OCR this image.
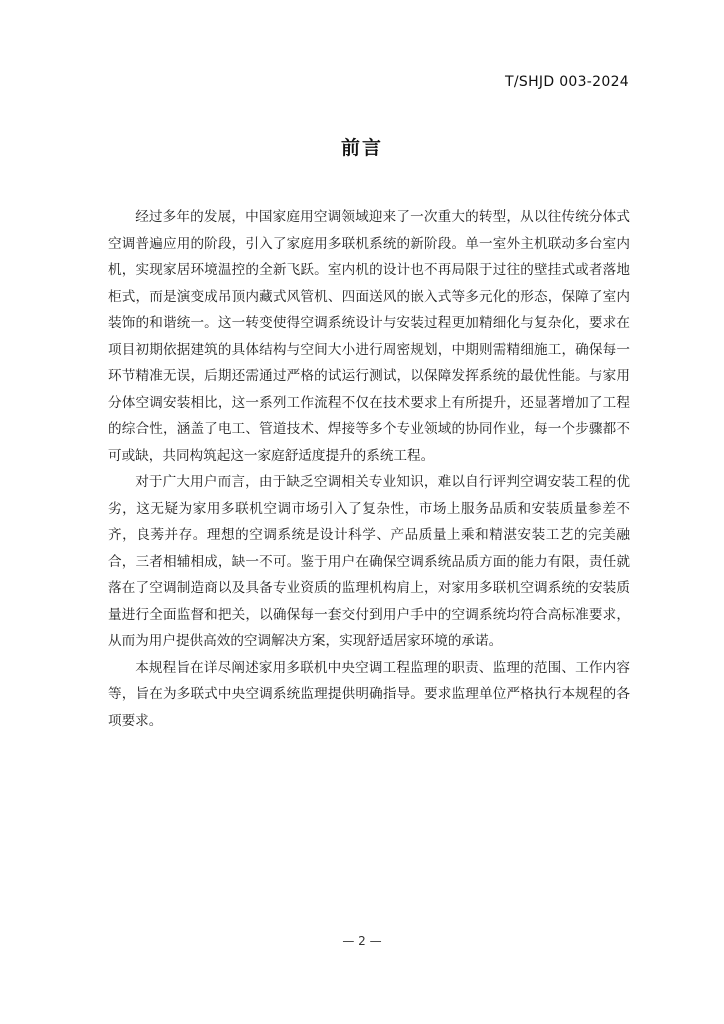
T/SHJD 003-2024
前言

经过多年的发展，中国家庭用空调领域迎来了一次重大的转型，从以往传统分体式空调普遍应用的阶段，引入了家庭用多联机系统的新阶段。单一室外主机联动多台室内机，实现家居环境温控的全新飞跃。室内机的设计也不再局限于过往的壁挂式或者落地柜式，而是演变成吊顶内藏式风管机、四面送风的嵌入式等多元化的形态，保障了室内装饰的和谐统一。这一转变使得空调系统设计与安装过程更加精细化与复杂化，要求在项目初期依据建筑的具体结构与空间大小进行周密规划，中期则需精细施工，确保每一环节精准无误，后期还需通过严格的试运行测试，以保障发挥系统的最优性能。与家用分体空调安装相比，这一系列工作流程不仅在技术要求上有所提升，还显著增加了工程的综合性，涵盖了电工、管道技术、焊接等多个专业领域的协同作业，每一个步骤都不可或缺，共同构筑起这一家庭舒适度提升的系统工程。

对于广大用户而言，由于缺乏空调相关专业知识，难以自行评判空调安装工程的优劣，这无疑为家用多联机空调市场引入了复杂性，市场上服务品质和安装质量参差不齐，良莠并存。理想的空调系统是设计科学、产品质量上乘和精湛安装工艺的完美融合，三者相辅相成，缺一不可。鉴于用户在确保空调系统品质方面的能力有限，责任就落在了空调制造商以及具备专业资质的监理机构肩上，对家用多联机空调系统的安装质量进行全面监督和把关，以确保每一套交付到用户手中的空调系统均符合高标准要求，从而为用户提供高效的空调解决方案，实现舒适居家环境的承诺。

本规程旨在详尽阐述家用多联机中央空调工程监理的职责、监理的范围、工作内容等，旨在为多联式中央空调系统监理提供明确指导。要求监理单位严格执行本规程的各项要求。

— 2 —
